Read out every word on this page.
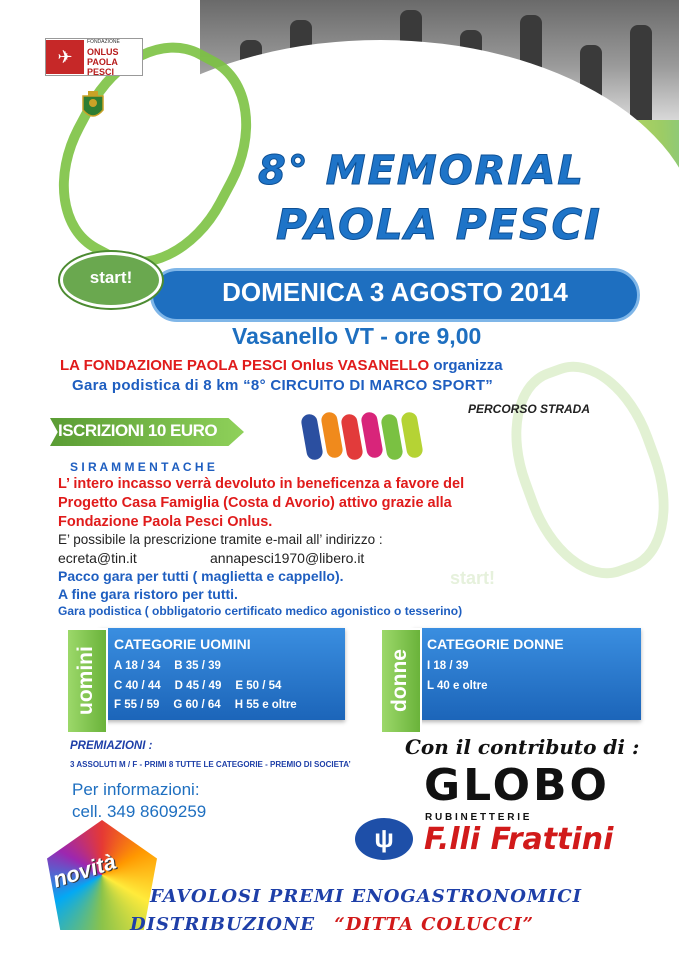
start!
✈
FONDAZIONE
ONLUS
PAOLA
PESCI
8° MEMORIAL
PAOLA PESCI
DOMENICA 3 AGOSTO 2014
start!
Vasanello VT - ore 9,00
LA FONDAZIONE PAOLA PESCI Onlus VASANELLO organizza
Gara podistica di 8 km “8° CIRCUITO DI MARCO SPORT”
PERCORSO STRADA
ISCRIZIONI 10 EURO
S I R A M M E N T A C H E
L’ intero incasso verrà devoluto in beneficenza a favore del
Progetto Casa Famiglia (Costa d Avorio) attivo grazie alla
Fondazione Paola Pesci Onlus.
E’ possibile la prescrizione tramite e-mail all’ indirizzo :
ecreta@tin.it	annapesci1970@libero.it
Pacco gara per tutti ( maglietta e cappello).
A fine gara ristoro per tutti.
Gara podistica ( obbligatorio certificato medico agonistico o tesserino)
CATEGORIE UOMINI
A 18 / 34 B 35 / 39
C 40 / 44 D 45 / 49 E 50 / 54
F 55 / 59 G 60 / 64 H 55 e oltre
uomini
CATEGORIE DONNE
I 18 / 39
L 40 e oltre
donne
PREMIAZIONI :
3 ASSOLUTI M / F - PRIMI 8 TUTTE LE CATEGORIE - PREMIO DI SOCIETA’
Per informazioni:
cell. 349 8609259
Con il contributo di :
GLOBO
R U B I N E T T E R I E
ψ	F.lli Frattini
novità
FAVOLOSI PREMI ENOGASTRONOMICI
DISTRIBUZIONE “DITTA COLUCCI”
